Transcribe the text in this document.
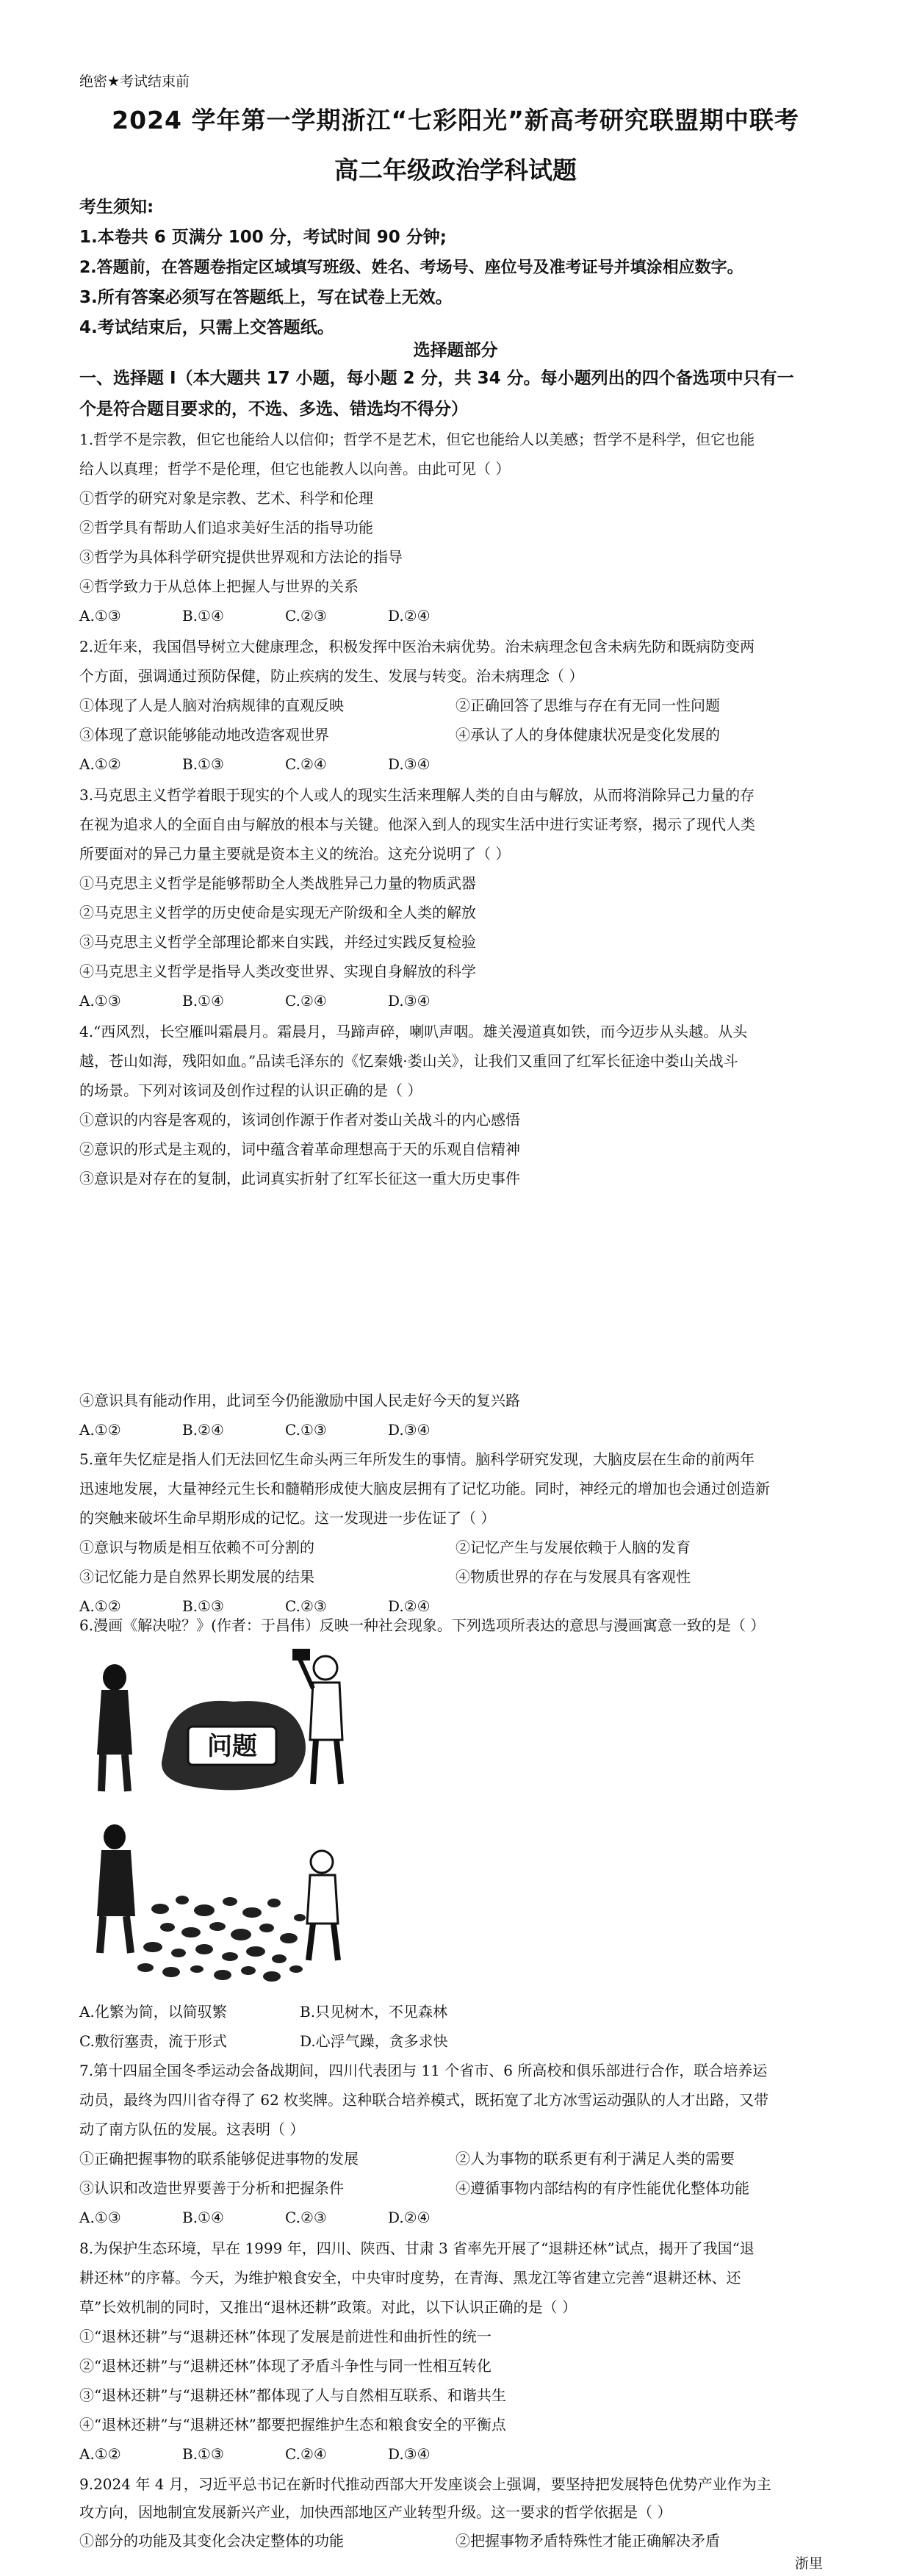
绝密★考试结束前
2024 学年第一学期浙江“七彩阳光”新高考研究联盟期中联考
高二年级政治学科试题
考生须知:
1.本卷共 6 页满分 100 分，考试时间 90 分钟;
2.答题前，在答题卷指定区域填写班级、姓名、考场号、座位号及准考证号并填涂相应数字。
3.所有答案必须写在答题纸上，写在试卷上无效。
4.考试结束后，只需上交答题纸。
选择题部分
一、选择题 I（本大题共 17 小题，每小题 2 分，共 34 分。每小题列出的四个备选项中只有一
个是符合题目要求的，不选、多选、错选均不得分）

1.哲学不是宗教，但它也能给人以信仰；哲学不是艺术，但它也能给人以美感；哲学不是科学，但它也能

给人以真理；哲学不是伦理，但它也能教人以向善。由此可见（ ）

①哲学的研究对象是宗教、艺术、科学和伦理

②哲学具有帮助人们追求美好生活的指导功能

③哲学为具体科学研究提供世界观和方法论的指导

④哲学致力于从总体上把握人与世界的关系

A.①③	B.①④	C.②③	D.②④

2.近年来，我国倡导树立大健康理念，积极发挥中医治未病优势。治未病理念包含未病先防和既病防变两

个方面，强调通过预防保健，防止疾病的发生、发展与转变。治未病理念（ ）

①体现了人是人脑对治病规律的直观反映	②正确回答了思维与存在有无同一性问题
③体现了意识能够能动地改造客观世界	④承认了人的身体健康状况是变化发展的
A.①②	B.①③	C.②④	D.③④

3.马克思主义哲学着眼于现实的个人或人的现实生活来理解人类的自由与解放，从而将消除异己力量的存

在视为追求人的全面自由与解放的根本与关键。他深入到人的现实生活中进行实证考察，揭示了现代人类

所要面对的异己力量主要就是资本主义的统治。这充分说明了（ ）

①马克思主义哲学是能够帮助全人类战胜异己力量的物质武器

②马克思主义哲学的历史使命是实现无产阶级和全人类的解放

③马克思主义哲学全部理论都来自实践，并经过实践反复检验

④马克思主义哲学是指导人类改变世界、实现自身解放的科学

A.①③	B.①④	C.②④	D.③④

4.“西风烈，长空雁叫霜晨月。霜晨月，马蹄声碎，喇叭声咽。雄关漫道真如铁，而今迈步从头越。从头

越，苍山如海，残阳如血。”品读毛泽东的《忆秦娥·娄山关》，让我们又重回了红军长征途中娄山关战斗

的场景。下列对该词及创作过程的认识正确的是（ ）

①意识的内容是客观的，该词创作源于作者对娄山关战斗的内心感悟

②意识的形式是主观的，词中蕴含着革命理想高于天的乐观自信精神

③意识是对存在的复制，此词真实折射了红军长征这一重大历史事件

④意识具有能动作用，此词至今仍能激励中国人民走好今天的复兴路

A.①②	B.②④	C.①③	D.③④

5.童年失忆症是指人们无法回忆生命头两三年所发生的事情。脑科学研究发现，大脑皮层在生命的前两年

迅速地发展，大量神经元生长和髓鞘形成使大脑皮层拥有了记忆功能。同时，神经元的增加也会通过创造新

的突触来破坏生命早期形成的记忆。这一发现进一步佐证了（ ）

①意识与物质是相互依赖不可分割的	②记忆产生与发展依赖于人脑的发育
③记忆能力是自然界长期发展的结果	④物质世界的存在与发展具有客观性
A.①②	B.①③	C.②③	D.②④

6.漫画《解决啦？》(作者：于昌伟）反映一种社会现象。下列选项所表达的意思与漫画寓意一致的是（ ）

问题
A.化繁为简，以简驭繁	B.只见树木，不见森林
C.敷衍塞责，流于形式	D.心浮气躁，贪多求快

7.第十四届全国冬季运动会备战期间，四川代表团与 11 个省市、6 所高校和俱乐部进行合作，联合培养运

动员，最终为四川省夺得了 62 枚奖牌。这种联合培养模式，既拓宽了北方冰雪运动强队的人才出路，又带

动了南方队伍的发展。这表明（ ）

①正确把握事物的联系能够促进事物的发展	②人为事物的联系更有利于满足人类的需要
③认识和改造世界要善于分析和把握条件	④遵循事物内部结构的有序性能优化整体功能
A.①③	B.①④	C.②③	D.②④

8.为保护生态环境，早在 1999 年，四川、陕西、甘肃 3 省率先开展了“退耕还林”试点，揭开了我国“退

耕还林”的序幕。今天，为维护粮食安全，中央审时度势，在青海、黑龙江等省建立完善“退耕还林、还

草”长效机制的同时，又推出“退林还耕”政策。对此，以下认识正确的是（ ）

①“退林还耕”与“退耕还林”体现了发展是前进性和曲折性的统一

②“退林还耕”与“退耕还林”体现了矛盾斗争性与同一性相互转化

③“退林还耕”与“退耕还林”都体现了人与自然相互联系、和谐共生

④“退林还耕”与“退耕还林”都要把握维护生态和粮食安全的平衡点

A.①②	B.①③	C.②④	D.③④

9.2024 年 4 月，习近平总书记在新时代推动西部大开发座谈会上强调，要坚持把发展特色优势产业作为主

攻方向，因地制宜发展新兴产业，加快西部地区产业转型升级。这一要求的哲学依据是（ ）

①部分的功能及其变化会决定整体的功能	②把握事物矛盾特殊性才能正确解决矛盾
浙里
